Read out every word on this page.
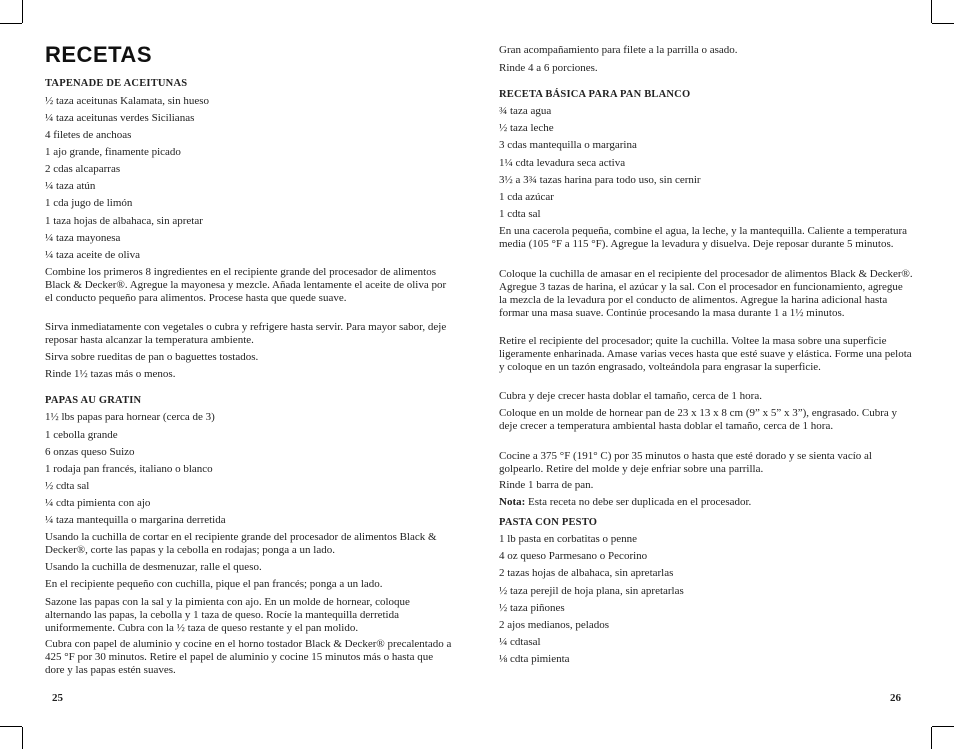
RECETAS
TAPENADE DE ACEITUNAS
½ taza aceitunas Kalamata, sin hueso
¼ taza aceitunas verdes Sicilianas
4 filetes de anchoas
1 ajo grande, finamente picado
2 cdas alcaparras
¼ taza atún
1 cda jugo de limón
1 taza hojas de albahaca, sin apretar
¼ taza mayonesa
¼ taza aceite de oliva
Combine los primeros 8 ingredientes en el recipiente grande del procesador de alimentos Black & Decker®. Agregue la mayonesa y mezcle. Añada lentamente el aceite de oliva por el conducto pequeño para alimentos. Procese hasta que quede suave.
Sirva inmediatamente con vegetales o cubra y refrigere hasta servir. Para mayor sabor, deje reposar hasta alcanzar la temperatura ambiente.
Sirva sobre rueditas de pan o baguettes tostados.
Rinde 1½ tazas más o menos.
PAPAS AU GRATIN
1½ lbs papas para hornear (cerca de 3)
1 cebolla grande
6 onzas queso Suizo
1 rodaja pan francés, italiano o blanco
½ cdta sal
¼ cdta pimienta con ajo
¼ taza mantequilla o margarina derretida
Usando la cuchilla de cortar en el recipiente grande del procesador de alimentos Black & Decker®, corte las papas y la cebolla en rodajas; ponga a un lado.
Usando la cuchilla de desmenuzar, ralle el queso.
En el recipiente pequeño con cuchilla, pique el pan francés; ponga a un lado.
Sazone las papas con la sal y la pimienta con ajo. En un molde de hornear, coloque alternando las papas, la cebolla y 1 taza de queso. Rocíe la mantequilla derretida uniformemente. Cubra con la ½ taza de queso restante y el pan molido.
Cubra con papel de aluminio y cocine en el horno tostador Black & Decker® precalentado a 425 °F por 30 minutos. Retire el papel de aluminio y cocine 15 minutos más o hasta que dore y las papas estén suaves.
Gran acompañamiento para filete a la parrilla o asado.
Rinde 4 a 6 porciones.
RECETA BÁSICA PARA PAN BLANCO
¾ taza agua
½ taza leche
3 cdas mantequilla o margarina
1¼ cdta levadura seca activa
3½ a 3¾ tazas harina para todo uso, sin cernir
1 cda azúcar
1 cdta sal
En una cacerola pequeña, combine el agua, la leche, y la mantequilla. Caliente a temperatura media (105 °F a 115 °F). Agregue la levadura y disuelva. Deje reposar durante 5 minutos.
Coloque la cuchilla de amasar en el recipiente del procesador de alimentos Black & Decker®. Agregue 3 tazas de harina, el azúcar y la sal. Con el procesador en funcionamiento, agregue la mezcla de la levadura por el conducto de alimentos. Agregue la harina adicional hasta formar una masa suave. Continúe procesando la masa durante 1 a 1½ minutos.
Retire el recipiente del procesador; quite la cuchilla. Voltee la masa sobre una superficie ligeramente enharinada. Amase varias veces hasta que esté suave y elástica. Forme una pelota y coloque en un tazón engrasado, volteándola para engrasar la superficie.
Cubra y deje crecer hasta doblar el tamaño, cerca de 1 hora.
Coloque en un molde de hornear pan de 23 x 13 x 8 cm (9” x 5” x 3”), engrasado. Cubra y deje crecer a temperatura ambiental hasta doblar el tamaño, cerca de 1 hora.
Cocine a 375 °F (191° C) por 35 minutos o hasta que esté dorado y se sienta vacío al golpearlo. Retire del molde y deje enfriar sobre una parrilla.
Rinde 1 barra de pan.
Nota: Esta receta no debe ser duplicada en el procesador.
PASTA CON PESTO
1 lb pasta en corbatitas o penne
4 oz queso Parmesano o Pecorino
2 tazas hojas de albahaca, sin apretarlas
½ taza perejil de hoja plana, sin apretarlas
½ taza piñones
2 ajos medianos, pelados
¼ cdtasal
⅛ cdta pimienta
25	26
